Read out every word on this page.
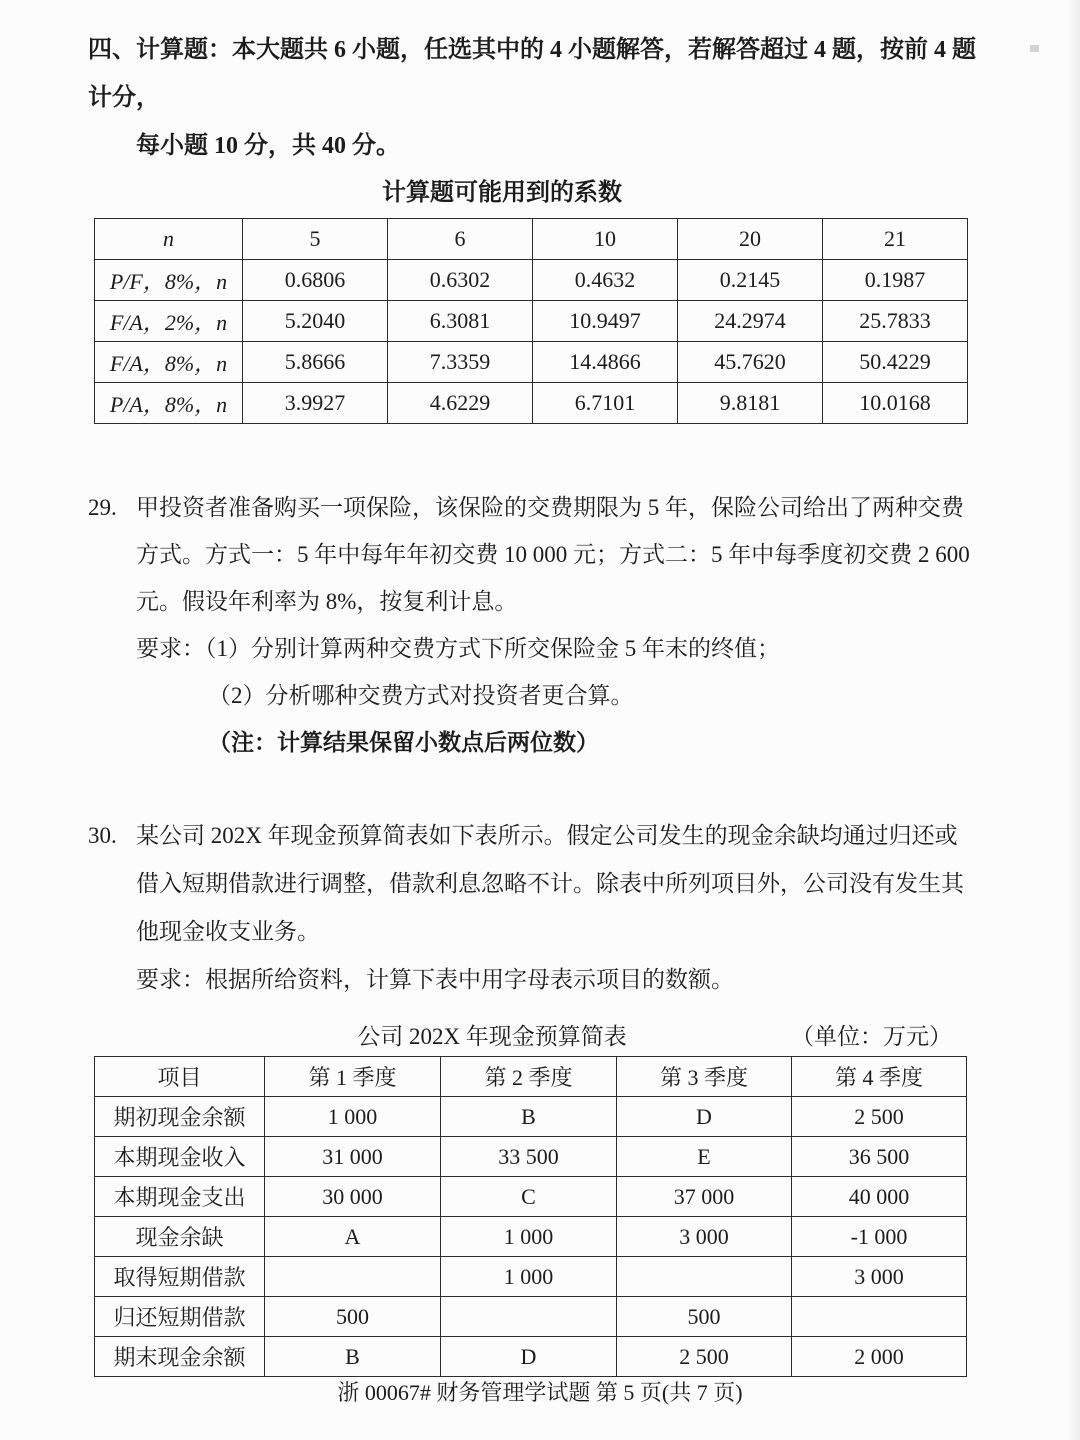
四、计算题：本大题共 6 小题，任选其中的 4 小题解答，若解答超过 4 题，按前 4 题计分，
每小题 10 分，共 40 分。
计算题可能用到的系数
n	5	6	10	20	21
P/F，8%，n	0.6806	0.6302	0.4632	0.2145	0.1987
F/A，2%，n	5.2040	6.3081	10.9497	24.2974	25.7833
F/A，8%，n	5.8666	7.3359	14.4866	45.7620	50.4229
P/A，8%，n	3.9927	4.6229	6.7101	9.8181	10.0168
29. 甲投资者准备购买一项保险，该保险的交费期限为 5 年，保险公司给出了两种交费
方式。方式一：5 年中每年年初交费 10 000 元；方式二：5 年中每季度初交费 2 600
元。假设年利率为 8%，按复利计息。
要求：（1）分别计算两种交费方式下所交保险金 5 年末的终值；
（2）分析哪种交费方式对投资者更合算。
（注：计算结果保留小数点后两位数）
30. 某公司 202X 年现金预算简表如下表所示。假定公司发生的现金余缺均通过归还或
借入短期借款进行调整，借款利息忽略不计。除表中所列项目外，公司没有发生其
他现金收支业务。
要求：根据所给资料，计算下表中用字母表示项目的数额。
公司 202X 年现金预算简表	（单位：万元）
项目	第 1 季度	第 2 季度	第 3 季度	第 4 季度
期初现金余额	1 000	B	D	2 500
本期现金收入	31 000	33 500	E	36 500
本期现金支出	30 000	C	37 000	40 000
现金余缺	A	1 000	3 000	-1 000
取得短期借款		1 000		3 000
归还短期借款	500		500	
期末现金余额	B	D	2 500	2 000
浙 00067# 财务管理学试题 第 5 页(共 7 页)
